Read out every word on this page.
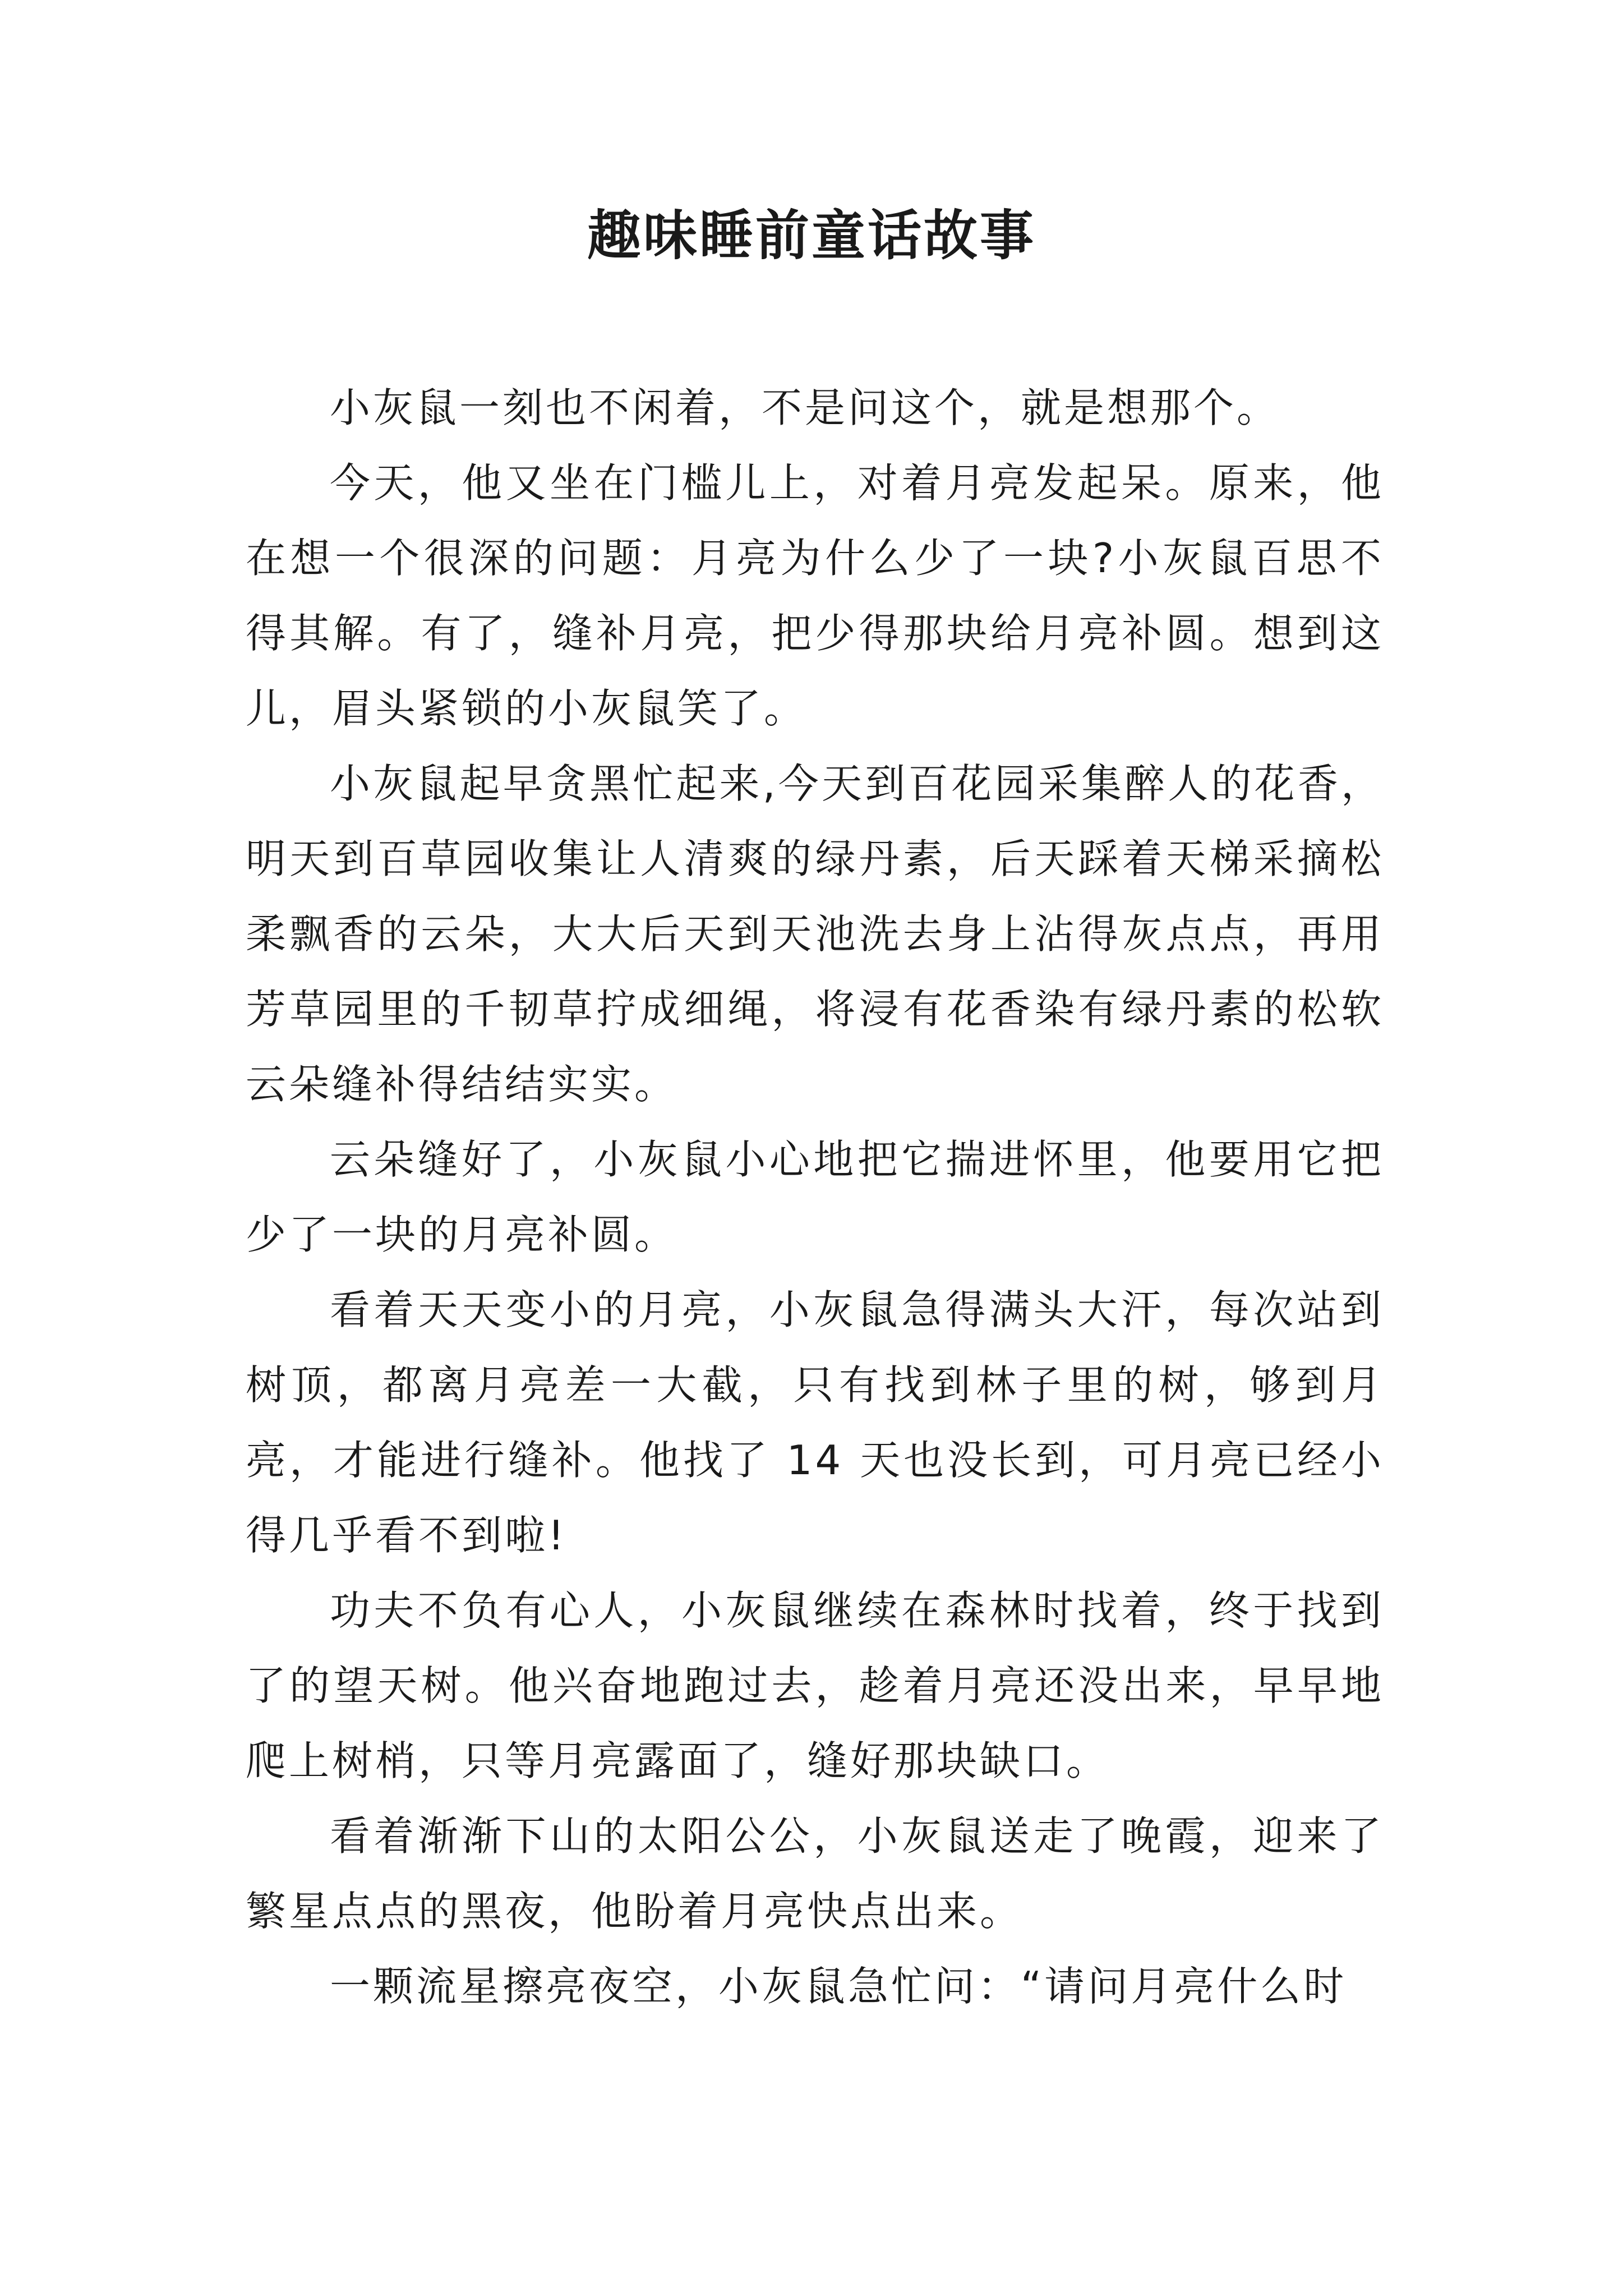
趣味睡前童话故事

小灰鼠一刻也不闲着，不是问这个，就是想那个。

今天，他又坐在门槛儿上，对着月亮发起呆。原来，他在想一个很深的问题：月亮为什么少了一块?小灰鼠百思不得其解。有了，缝补月亮，把少得那块给月亮补圆。想到这儿，眉头紧锁的小灰鼠笑了。

小灰鼠起早贪黑忙起来,今天到百花园采集醉人的花香，明天到百草园收集让人清爽的绿丹素，后天踩着天梯采摘松柔飘香的云朵，大大后天到天池洗去身上沾得灰点点，再用芳草园里的千韧草拧成细绳，将浸有花香染有绿丹素的松软云朵缝补得结结实实。

云朵缝好了，小灰鼠小心地把它揣进怀里，他要用它把少了一块的月亮补圆。

看着天天变小的月亮，小灰鼠急得满头大汗，每次站到树顶，都离月亮差一大截，只有找到林子里的树，够到月亮，才能进行缝补。他找了 14 天也没长到，可月亮已经小得几乎看不到啦!

功夫不负有心人，小灰鼠继续在森林时找着，终于找到了的望天树。他兴奋地跑过去，趁着月亮还没出来，早早地爬上树梢，只等月亮露面了，缝好那块缺口。

看着渐渐下山的太阳公公，小灰鼠送走了晚霞，迎来了繁星点点的黑夜，他盼着月亮快点出来。

一颗流星擦亮夜空，小灰鼠急忙问：“请问月亮什么时
